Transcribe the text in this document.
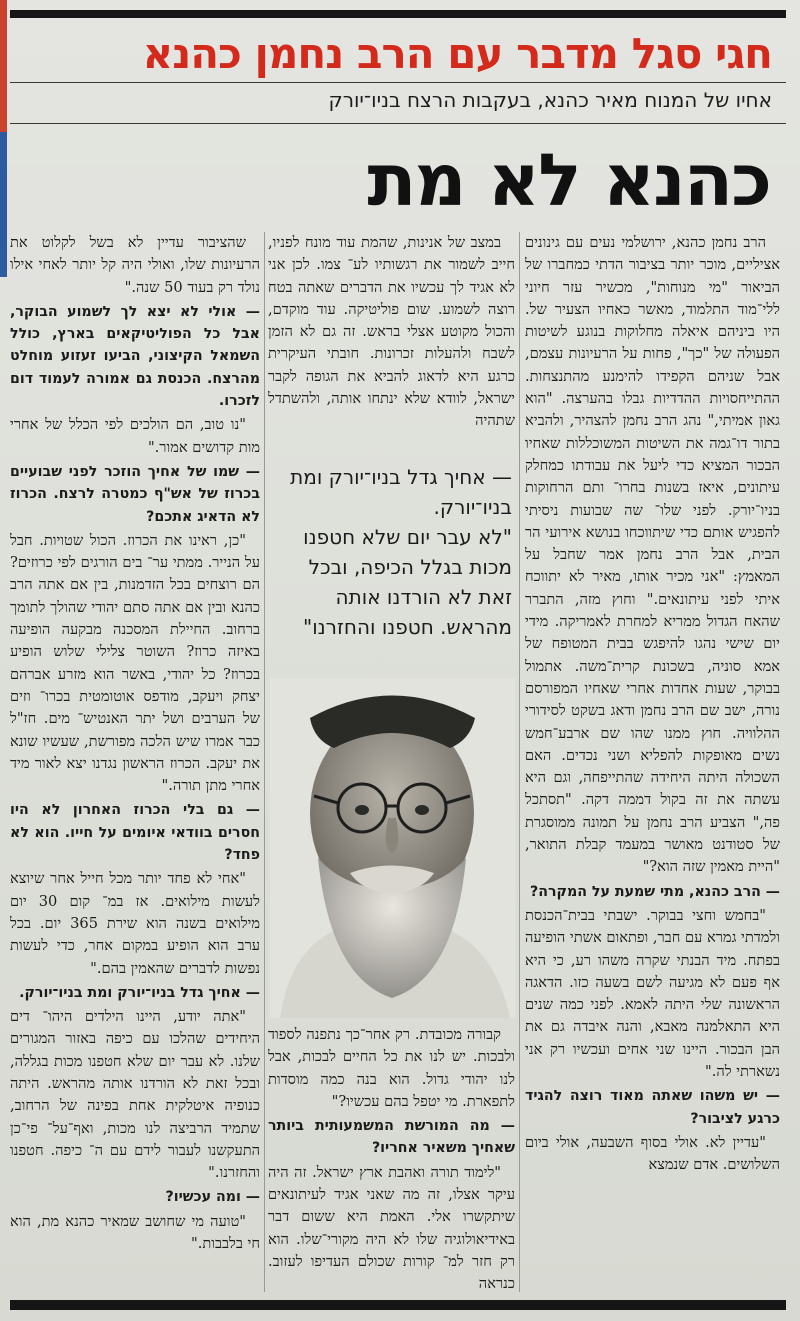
חגי סגל מדבר עם הרב נחמן כהנא
אחיו של המנוח מאיר כהנא, בעקבות הרצח בניו־יורק
כהנא לא מת

הרב נחמן כהנא, ירושלמי נעים עם גינונים אציליים, מוכר יותר בציבור הדתי כמחברו של הביאור "מי מנוחות", מכשיר עזר חיוני ללי־מוד התלמוד, מאשר כאחיו הצעיר של. היו ביניהם איאלה מחלוקות בנוגע לשיטות הפעולה של "כך", פחות על הרעיונות עצמם, אבל שניהם הקפידו להימנע מהתנצחות. ההתייחסויות ההדדיות גבלו בהערצה. "הוא גאון אמיתי," נהג הרב נחמן להצהיר, ולהביא בתור דו־גמה את השיטות המשוכללות שאחיו הבכור המציא כדי ליעל את עבודתו כמחלק עיתונים, איאז בשנות בחרו־ ותם הרחוקות בניו־יורק. לפני שלו־ שה שבועות ניסיתי להפגיש אותם כדי שיתווכחו בנושא אירועי הר הבית, אבל הרב נחמן אמר שחבל על המאמץ: "אני מכיר אותו, מאיר לא יתווכח איתי לפני עיתונאים." וחוץ מזה, התברר שהאח הגדול ממריא למחרת לאמריקה. מידי יום שישי נהגו להיפגש בבית המטופח של אמא סוניה, בשכונת קרית־משה. אתמול בבוקר, שעות אחדות אחרי שאחיו המפורסם נורה, ישב שם הרב נחמן ודאג בשקט לסידורי ההלוויה. חוץ ממנו שהו שם ארבע־חמש נשים מאופקות להפליא ושני נכדים. האם השכולה היתה היחידה שהתייפחה, וגם היא עשתה את זה בקול דממה דקה. "תסתכל פה," הצביע הרב נחמן על תמונה ממוסגרת של סטודנט מאושר במעמד קבלת התואר, "היית מאמין שזה הוא?"

— הרב כהנא, מתי שמעת על המקרה?

"בחמש וחצי בבוקר. ישבתי בבית־הכנסת ולמדתי גמרא עם חבר, ופתאום אשתי הופיעה בפתח. מיד הבנתי שקרה משהו רע, כי היא אף פעם לא מגיעה לשם בשעה כזו. הדאגה הראשונה שלי היתה לאמא. לפני כמה שנים היא התאלמנה מאבא, והנה איבדה גם את הבן הבכור. היינו שני אחים ועכשיו רק אני נשארתי לה."

— יש משהו שאתה מאוד רוצה להגיד כרגע לציבור?

"עדיין לא. אולי בסוף השבעה, אולי ביום השלושים. אדם שנמצא

במצב של אנינות, שהמת עוד מונח לפניו, חייב לשמור את רגשותיו לע־ צמו. לכן אני לא אגיד לך עכשיו את הדברים שאתה בטח רוצה לשמוע. שום פוליטיקה. עוד מוקדם, והכול מקוטע אצלי בראש. זה גם לא הזמן לשבח ולהעלות זכרונות. חובתי העיקרית כרגע היא לדאוג להביא את הגופה לקבר ישראל, לוודא שלא ינתחו אותה, ולהשתדל שתהיה

— אחיך גדל בניו־יורק ומת בניו־יורק.
"לא עבר יום שלא חטפנו מכות בגלל הכיפה, ובכל זאת לא הורדנו אותה מהראש. חטפנו והחזרנו"

קבורה מכובדת. רק אחר־כך נתפנה לספוד ולבכות. יש לנו את כל החיים לבכות, אבל לנו יהודי גדול. הוא בנה כמה מוסדות לתפארת. מי יטפל בהם עכשיו?"

— מה המורשת המשמעותית ביותר שאחיך משאיר אחריו?

"לימוד תורה ואהבת ארץ ישראל. זה היה עיקר אצלו, זה מה שאני אגיד לעיתונאים שיתקשרו אלי. האמת היא ששום דבר באידיאולוגיה שלו לא היה מקורי־שלו. הוא רק חזר למ־ קורות שכולם העדיפו לעזוב. כנראה

שהציבור עדיין לא בשל לקלוט את הרעיונות שלו, ואולי היה קל יותר לאחי אילו נולד רק בעוד 50 שנה."

— אולי לא יצא לך לשמוע הבוקר, אבל כל הפוליטיקאים בארץ, כולל השמאל הקיצוני, הביעו זעזוע מוחלט מהרצח. הכנסת גם אמורה לעמוד דום לזכרו.

"נו טוב, הם הולכים לפי הכלל של אחרי מות קדושים אמור."

— שמו של אחיך הוזכר לפני שבועיים בכרוז של אש"ף כמטרה לרצח. הכרוז לא הדאיג אתכם?

"כן, ראינו את הכרוז. הכול שטויות. חבל על הנייר. ממתי ער־ בים הורגים לפי כרוזים? הם רוצחים בכל הזדמנות, בין אם אתה הרב כהנא ובין אם אתה סתם יהודי שהולך לתומך ברחוב. החיילת המסכנה מבקעה הופיעה באיזה כרוז? השוטר צלילי שלוש הופיע בכרוז? כל יהודי, באשר הוא מזרע אברהם יצחק ויעקב, מודפס אוטומטית בכרו־ וזים של הערבים ושל יתר האנטיש־ מים. חז"ל כבר אמרו שיש הלכה מפורשת, שעשיו שונא את יעקב. הכרוז הראשון נגדנו יצא לאור מיד אחרי מתן תורה."

— גם בלי הכרוז האחרון לא היו חסרים בוודאי איומים על חייו. הוא לא פחד?

"אחי לא פחד יותר מכל חייל אחר שיוצא לעשות מילואים. אז במ־ קום 30 יום מילואים בשנה הוא שירת 365 יום. בכל ערב הוא הופיע במקום אחר, כדי לעשות נפשות לדברים שהאמין בהם."

— אחיך גדל בניו־יורק ומת בניו־יורק.

"אתה יודע, היינו הילדים היהו־ דים היחידים שהלכו עם כיפה באזור המגורים שלנו. לא עבר יום שלא חטפנו מכות בגללה, ובכל זאת לא הורדנו אותה מהראש. היתה כנופיה איטלקית אחת בפינה של הרחוב, שתמיד הרביצה לנו מכות, ואף־על־ פי־כן התעקשנו לעבור לידם עם ה־ כיפה. חטפנו והחזרנו."

— ומה עכשיו?

"טועה מי שחושב שמאיר כהנא מת, הוא חי בלבבות."
